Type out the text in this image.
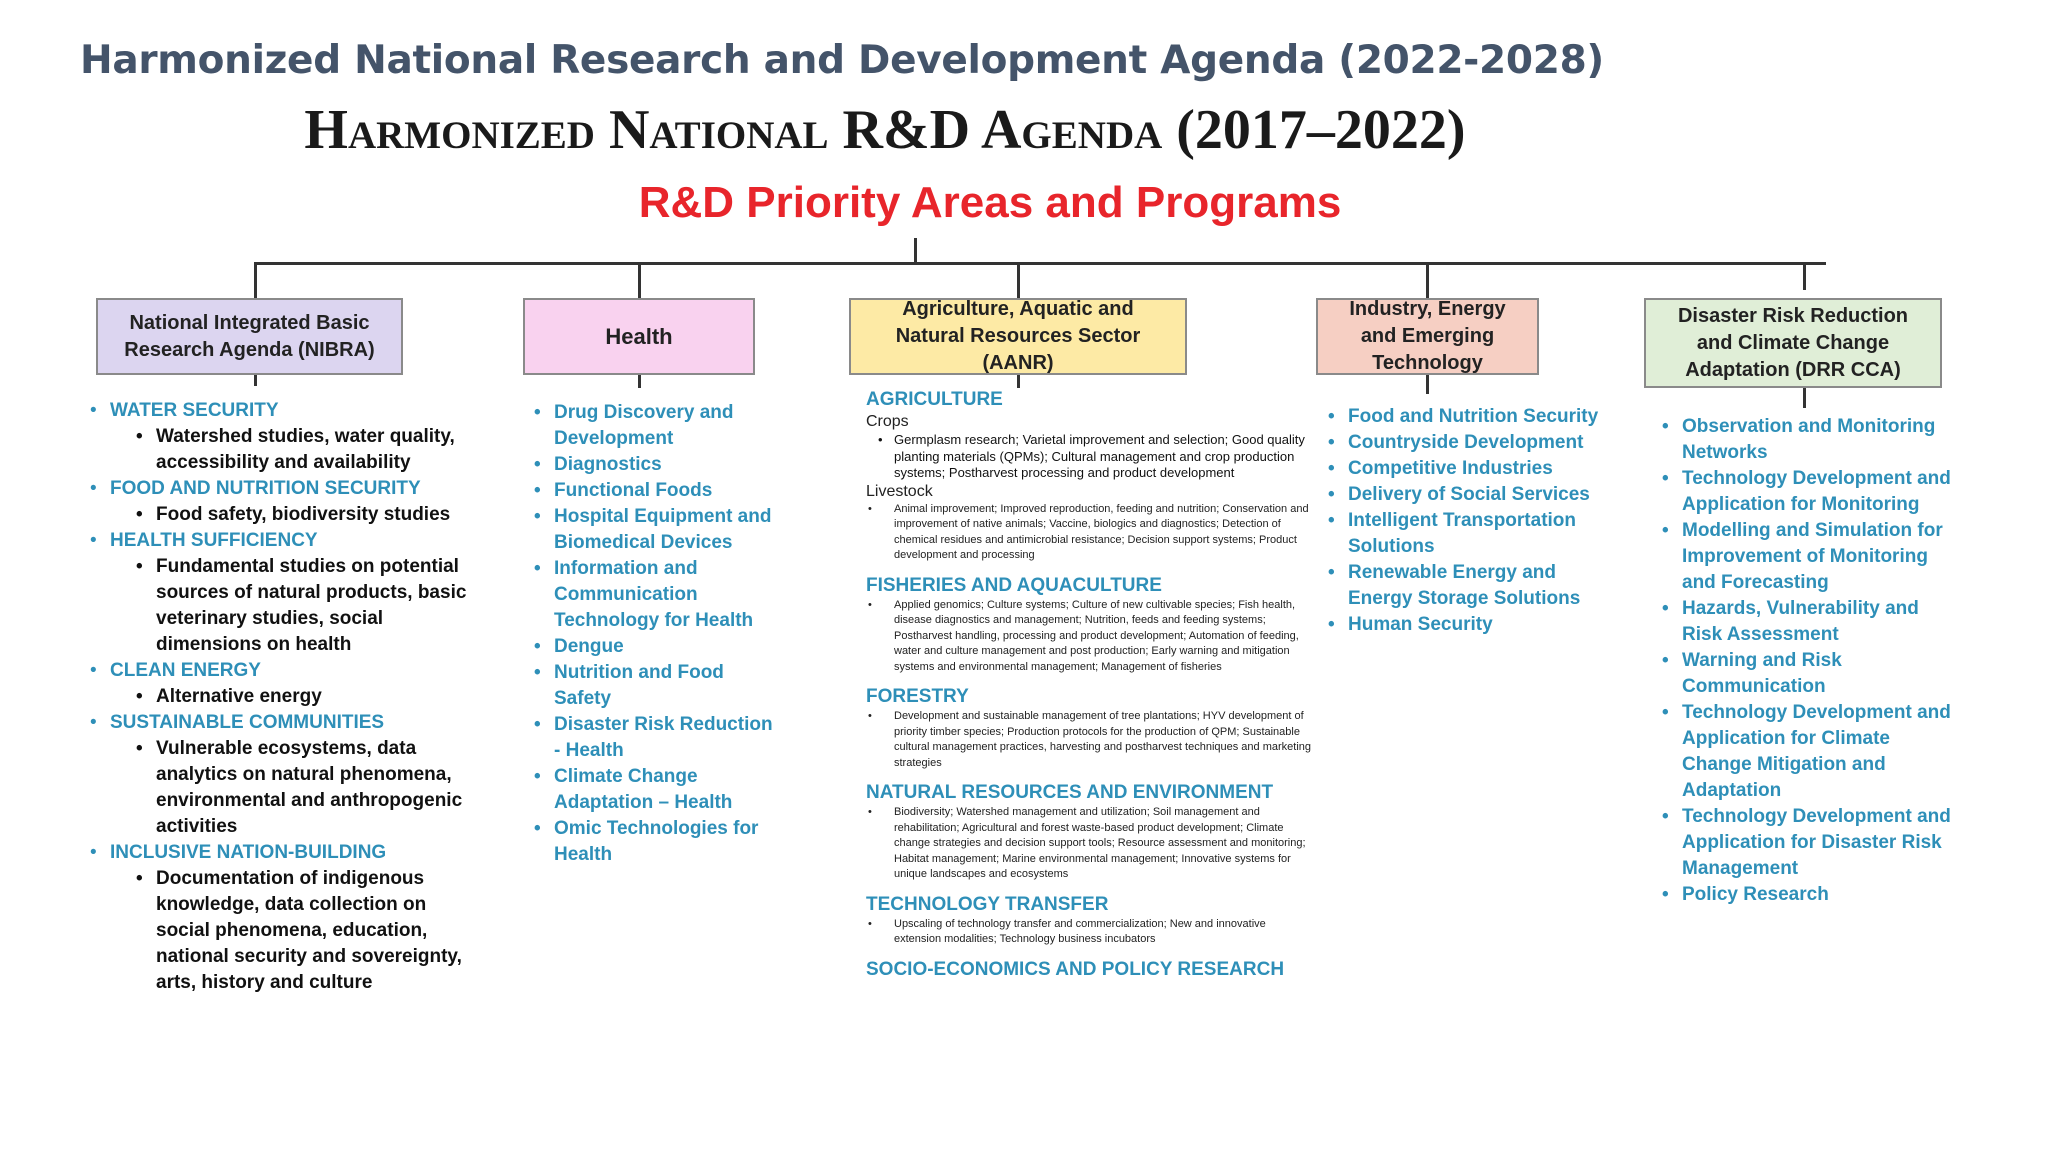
Harmonized National Research and Development Agenda (2022-2028)
Harmonized National R&D Agenda (2017–2022)
R&D Priority Areas and Programs
National Integrated Basic Research Agenda (NIBRA)
Health
Agriculture, Aquatic and Natural Resources Sector (AANR)
Industry, Energy and Emerging Technology
Disaster Risk Reduction and Climate Change Adaptation (DRR CCA)
• WATER SECURITY
• Watershed studies, water quality, accessibility and availability
• FOOD AND NUTRITION SECURITY
• Food safety, biodiversity studies
• HEALTH SUFFICIENCY
• Fundamental studies on potential sources of natural products, basic veterinary studies, social dimensions on health
• CLEAN ENERGY
• Alternative energy
• SUSTAINABLE COMMUNITIES
• Vulnerable ecosystems, data analytics on natural phenomena, environmental and anthropogenic activities
• INCLUSIVE NATION-BUILDING
• Documentation of indigenous knowledge, data collection on social phenomena, education, national security and sovereignty, arts, history and culture
• Drug Discovery and Development
• Diagnostics
• Functional Foods
• Hospital Equipment and Biomedical Devices
• Information and Communication Technology for Health
• Dengue
• Nutrition and Food Safety
• Disaster Risk Reduction - Health
• Climate Change Adaptation – Health
• Omic Technologies for Health
AGRICULTURE
Crops
• Germplasm research; Varietal improvement and selection; Good quality planting materials (QPMs); Cultural management and crop production systems; Postharvest processing and product development
Livestock
• Animal improvement; Improved reproduction, feeding and nutrition; Conservation and improvement of native animals; Vaccine, biologics and diagnostics; Detection of chemical residues and antimicrobial resistance; Decision support systems; Product development and processing
FISHERIES AND AQUACULTURE
• Applied genomics; Culture systems; Culture of new cultivable species; Fish health, disease diagnostics and management; Nutrition, feeds and feeding systems; Postharvest handling, processing and product development; Automation of feeding, water and culture management and post production; Early warning and mitigation systems and environmental management; Management of fisheries
FORESTRY
• Development and sustainable management of tree plantations; HYV development of priority timber species; Production protocols for the production of QPM; Sustainable cultural management practices, harvesting and postharvest techniques and marketing strategies
NATURAL RESOURCES AND ENVIRONMENT
• Biodiversity; Watershed management and utilization; Soil management and rehabilitation; Agricultural and forest waste-based product development; Climate change strategies and decision support tools; Resource assessment and monitoring; Habitat management; Marine environmental management; Innovative systems for unique landscapes and ecosystems
TECHNOLOGY TRANSFER
• Upscaling of technology transfer and commercialization; New and innovative extension modalities; Technology business incubators
SOCIO-ECONOMICS AND POLICY RESEARCH
• Food and Nutrition Security
• Countryside Development
• Competitive Industries
• Delivery of Social Services
• Intelligent Transportation Solutions
• Renewable Energy and Energy Storage Solutions
• Human Security
• Observation and Monitoring Networks
• Technology Development and Application for Monitoring
• Modelling and Simulation for Improvement of Monitoring and Forecasting
• Hazards, Vulnerability and Risk Assessment
• Warning and Risk Communication
• Technology Development and Application for Climate Change Mitigation and Adaptation
• Technology Development and Application for Disaster Risk Management
• Policy Research
